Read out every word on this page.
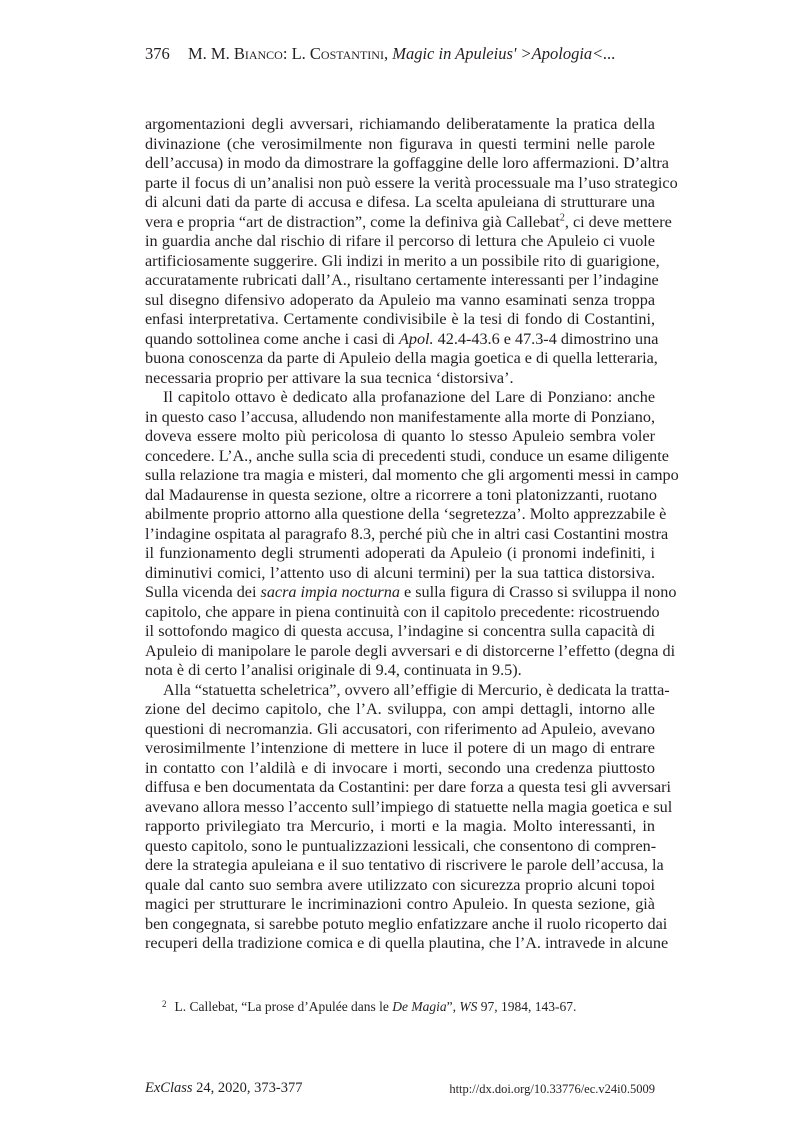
376 M. M. Bianco: L. Costantini, Magic in Apuleius' >Apologia<...
argomentazioni degli avversari, richiamando deliberatamente la pratica della
divinazione (che verosimilmente non figurava in questi termini nelle parole
dell’accusa) in modo da dimostrare la goffaggine delle loro affermazioni. D’altra
parte il focus di un’analisi non può essere la verità processuale ma l’uso strategico
di alcuni dati da parte di accusa e difesa. La scelta apuleiana di strutturare una
vera e propria “art de distraction”, come la definiva già Callebat$^2$, ci deve mettere
in guardia anche dal rischio di rifare il percorso di lettura che Apuleio ci vuole
artificiosamente suggerire. Gli indizi in merito a un possibile rito di guarigione,
accuratamente rubricati dall’A., risultano certamente interessanti per l’indagine
sul disegno difensivo adoperato da Apuleio ma vanno esaminati senza troppa
enfasi interpretativa. Certamente condivisibile è la tesi di fondo di Costantini,
quando sottolinea come anche i casi di Apol. 42.4-43.6 e 47.3-4 dimostrino una
buona conoscenza da parte di Apuleio della magia goetica e di quella letteraria,
necessaria proprio per attivare la sua tecnica ‘distorsiva’.
Il capitolo ottavo è dedicato alla profanazione del Lare di Ponziano: anche
in questo caso l’accusa, alludendo non manifestamente alla morte di Ponziano,
doveva essere molto più pericolosa di quanto lo stesso Apuleio sembra voler
concedere. L’A., anche sulla scia di precedenti studi, conduce un esame diligente
sulla relazione tra magia e misteri, dal momento che gli argomenti messi in campo
dal Madaurense in questa sezione, oltre a ricorrere a toni platonizzanti, ruotano
abilmente proprio attorno alla questione della ‘segretezza’. Molto apprezzabile è
l’indagine ospitata al paragrafo 8.3, perché più che in altri casi Costantini mostra
il funzionamento degli strumenti adoperati da Apuleio (i pronomi indefiniti, i
diminutivi comici, l’attento uso di alcuni termini) per la sua tattica distorsiva.
Sulla vicenda dei sacra impia nocturna e sulla figura di Crasso si sviluppa il nono
capitolo, che appare in piena continuità con il capitolo precedente: ricostruendo
il sottofondo magico di questa accusa, l’indagine si concentra sulla capacità di
Apuleio di manipolare le parole degli avversari e di distorcerne l’effetto (degna di
nota è di certo l’analisi originale di 9.4, continuata in 9.5).
Alla “statuetta scheletrica”, ovvero all’effigie di Mercurio, è dedicata la tratta-
zione del decimo capitolo, che l’A. sviluppa, con ampi dettagli, intorno alle
questioni di necromanzia. Gli accusatori, con riferimento ad Apuleio, avevano
verosimilmente l’intenzione di mettere in luce il potere di un mago di entrare
in contatto con l’aldilà e di invocare i morti, secondo una credenza piuttosto
diffusa e ben documentata da Costantini: per dare forza a questa tesi gli avversari
avevano allora messo l’accento sull’impiego di statuette nella magia goetica e sul
rapporto privilegiato tra Mercurio, i morti e la magia. Molto interessanti, in
questo capitolo, sono le puntualizzazioni lessicali, che consentono di compren-
dere la strategia apuleiana e il suo tentativo di riscrivere le parole dell’accusa, la
quale dal canto suo sembra avere utilizzato con sicurezza proprio alcuni topoi
magici per strutturare le incriminazioni contro Apuleio. In questa sezione, già
ben congegnata, si sarebbe potuto meglio enfatizzare anche il ruolo ricoperto dai
recuperi della tradizione comica e di quella plautina, che l’A. intravede in alcune
$^2$ L. Callebat, “La prose d’Apulée dans le De Magia”, WS 97, 1984, 143-67.
ExClass 24, 2020, 373-377	http://dx.doi.org/10.33776/ec.v24i0.5009
